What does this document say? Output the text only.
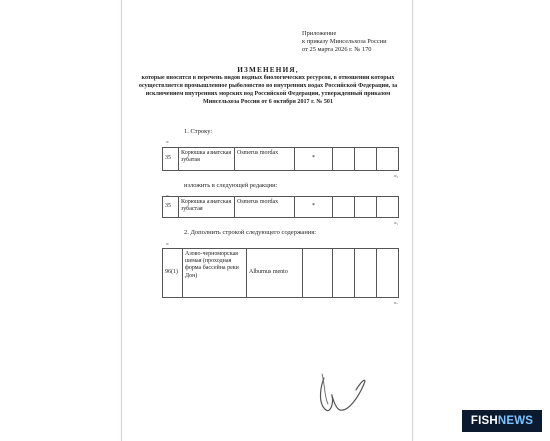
Приложение
к приказу Минсельхоза России
от 25 марта 2026 г. № 170
ИЗМЕНЕНИЯ,
которые вносятся в перечень видов водных биологических ресурсов, в отношении которых осуществляется промышленное рыболовство во внутренних водах Российской Федерации, за исключением внутренних морских вод Российской Федерации, утвержденный приказом Минсельхоза России от 6 октября 2017 г. № 501
1. Строку:
«
35	Корюшка азиатская зубатая	Osmerus mordax	*			
»,
изложить в следующей редакции:
«
35	Корюшка азиатская зубастая	Osmerus mordax	*			
»,
2. Дополнить строкой следующего содержания:
«
96(1)	Азово-черноморская шемая (проходная форма бассейна реки Дон)	Alburnus mento				
».
FISHNEWS
